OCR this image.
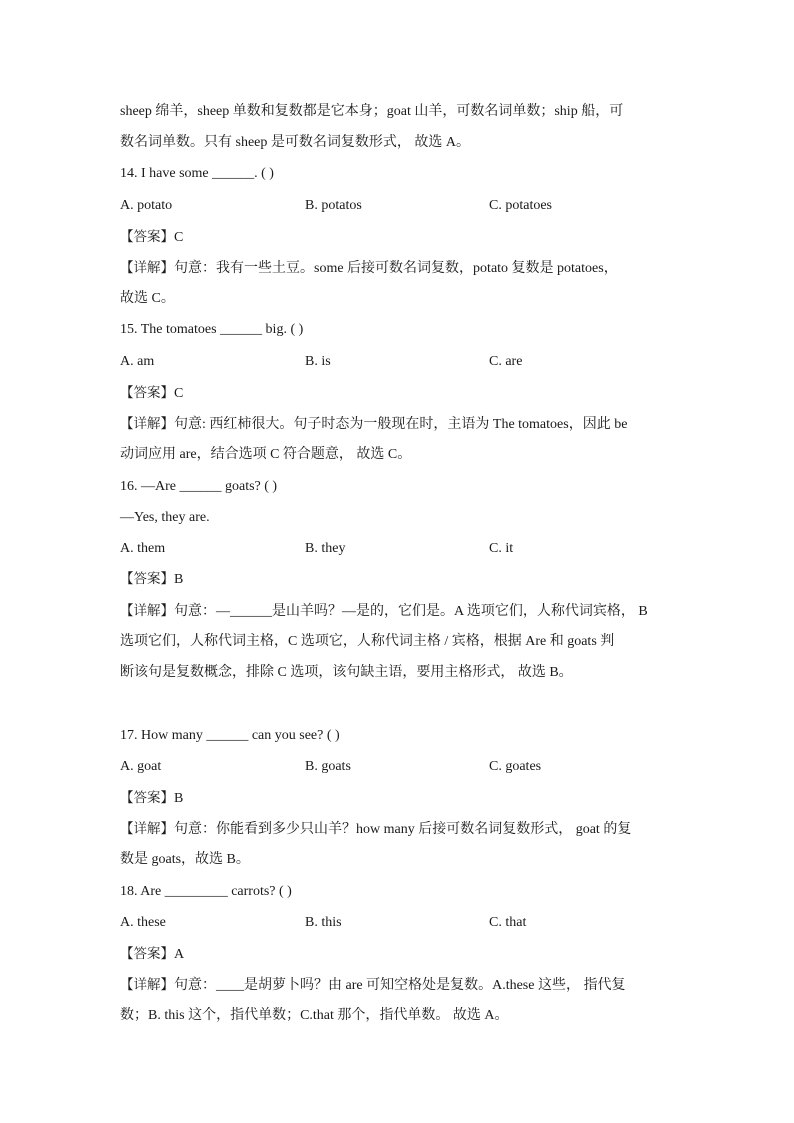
sheep 绵羊，sheep 单数和复数都是它本身；goat 山羊，可数名词单数；ship 船，可
数名词单数。只有 sheep 是可数名词复数形式， 故选 A。
14. I have some ______. ( )
A. potato	B. potatos	C. potatoes
【答案】C
【详解】句意：我有一些土豆。some 后接可数名词复数，potato 复数是 potatoes，
故选 C。
15. The tomatoes ______ big. ( )
A. am	B. is	C. are
【答案】C
【详解】句意: 西红柿很大。句子时态为一般现在时，主语为 The tomatoes，因此 be
动词应用 are，结合选项 C 符合题意， 故选 C。
16. —Are ______ goats? ( )
—Yes, they are.
A. them	B. they	C. it
【答案】B
【详解】句意：—______是山羊吗？—是的，它们是。A 选项它们，人称代词宾格， B
选项它们，人称代词主格，C 选项它，人称代词主格 / 宾格，根据 Are 和 goats 判
断该句是复数概念，排除 C 选项，该句缺主语，要用主格形式， 故选 B。
17. How many ______ can you see? ( )
A. goat	B. goats	C. goates
【答案】B
【详解】句意：你能看到多少只山羊？how many 后接可数名词复数形式， goat 的复
数是 goats，故选 B。
18. Are _________ carrots? ( )
A. these	B. this	C. that
【答案】A
【详解】句意：____是胡萝卜吗？由 are 可知空格处是复数。A.these 这些， 指代复
数；B. this 这个，指代单数；C.that 那个，指代单数。 故选 A。
